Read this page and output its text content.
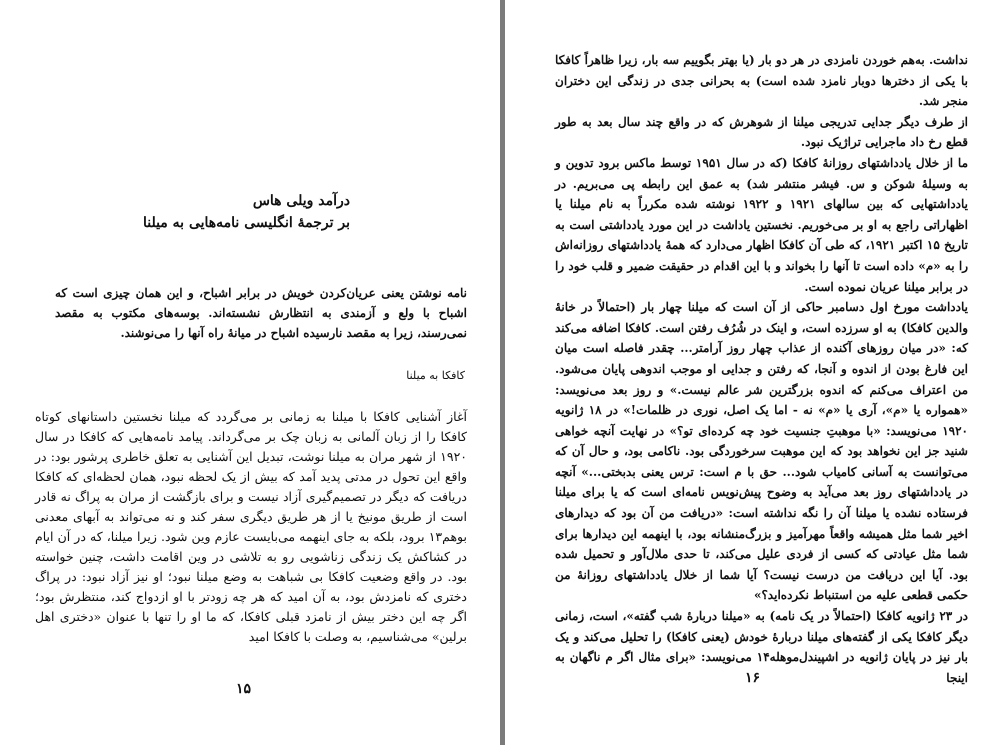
درآمد ویلی هاس
بر ترجمهٔ انگلیسی نامه‌هایی به میلنا
نامه نوشتن یعنی عریان‌کردن خویش در برابر اشباح، و این همان چیزی است که اشباح با ولع و آزمندی به انتظارش نشسته‌اند. بوسه‌های مکتوب به مقصد نمی‌رسند، زیرا به مقصد نارسیده اشباح در میانهٔ راه آنها را می‌نوشند.
کافکا به میلنا

آغاز آشنایی کافکا با میلنا به زمانی بر می‌گردد که میلنا نخستین داستانهای کوتاه کافکا را از زبان آلمانی به زبان چک بر می‌گرداند. پیامد نامه‌هایی که کافکا در سال ۱۹۲۰ از شهر مران به میلنا نوشت، تبدیل این آشنایی به تعلق خاطری پرشور بود: در واقع این تحول در مدتی پدید آمد که بیش از یک لحظه نبود، همان لحظه‌ای که کافکا دریافت که دیگر در تصمیم‌گیری آزاد نیست و برای بازگشت از مران به پراگ نه قادر است از طریق مونیخ یا از هر طریق دیگری سفر کند و نه می‌تواند به آبهای معدنی بوهم۱۳ برود، بلکه به جای اینهمه می‌بایست عازم وین شود. زیرا میلنا، که در آن ایام در کشاکش یک زندگی زناشویی رو به تلاشی در وین اقامت داشت، چنین خواسته بود. در واقع وضعیت کافکا بی شباهت به وضع میلنا نبود؛ او نیز آزاد نبود: در پراگ دختری که نامزدش بود، به آن امید که هر چه زودتر با او ازدواج کند، منتظرش بود؛ اگر چه این دختر بیش از نامزد قبلی کافکا، که ما او را تنها با عنوان «دختری اهل برلین» می‌شناسیم، به وصلت با کافکا امید

۱۵

نداشت. به‌هم خوردن نامزدی در هر دو بار (یا بهتر بگوییم سه بار، زیرا ظاهراً کافکا با یکی از دخترها دوبار نامزد شده است) به بحرانی جدی در زندگی این دختران منجر شد.

از طرف دیگر جدایی تدریجی میلنا از شوهرش که در واقع چند سال بعد به طور قطع رخ داد ماجرایی تراژیک نبود.

ما از خلال یادداشتهای روزانهٔ کافکا (که در سال ۱۹۵۱ توسط ماکس برود تدوین و به وسیلهٔ شوکن و س. فیشر منتشر شد) به عمق این رابطه پی می‌بریم. در یادداشتهایی که بین سالهای ۱۹۲۱ و ۱۹۲۲ نوشته شده مکرراً به نام میلنا یا اظهاراتی راجع به او بر می‌خوریم. نخستین یاداشت در این مورد یادداشتی است به تاریخ ۱۵ اکتبر ۱۹۲۱، که طی آن کافکا اظهار می‌دارد که همهٔ یادداشتهای روزانه‌اش را به «م» داده است تا آنها را بخواند و با این اقدام در حقیقت ضمیر و قلب خود را در برابر میلنا عریان نموده است.

یادداشت مورخ اول دسامبر حاکی از آن است که میلنا چهار بار (احتمالاً در خانهٔ والدین کافکا) به او سرزده است، و اینک در شُرُف رفتن است. کافکا اضافه می‌کند که: «در میان روزهای آکنده از عذاب چهار روز آرامتر... چقدر فاصله است میان این فارغ بودن از اندوه و آنجا، که رفتن و جدایی او موجب اندوهی پایان می‌شود. من اعتراف می‌کنم که اندوه بزرگترین شر عالم نیست.» و روز بعد می‌نویسد: «همواره یا «م»، آری یا «م» نه - اما یک اصل، نوری در ظلمات!» در ۱۸ ژانویه ۱۹۲۰ می‌نویسد: «با موهبتِ جنسیت خود چه کرده‌ای تو؟» در نهایت آنچه خواهی شنید جز این نخواهد بود که این موهبت سرخوردگی بود. ناکامی بود، و حال آن که می‌توانست به آسانی کامیاب شود... حق با م است: ترس یعنی بدبختی...» آنچه در یادداشتهای روز بعد می‌آید به وضوح پیش‌نویس نامه‌ای است که یا برای میلنا فرستاده نشده یا میلنا آن را نگه نداشته است: «دریافت من آن بود که دیدارهای اخیر شما مثل همیشه واقعاً مهرآمیز و بزرگ‌منشانه بود، با اینهمه این دیدارها برای شما مثل عیادتی که کسی از فردی علیل می‌کند، تا حدی ملال‌آور و تحمیل شده بود. آیا این دریافت من درست نیست؟ آیا شما از خلال یادداشتهای روزانهٔ من حکمی قطعی علیه من استنباط نکرده‌اید؟»

در ۲۳ ژانویه کافکا (احتمالاً در یک نامه) به «میلنا دربارهٔ شب گفته»، است، زمانی دیگر کافکا یکی از گفته‌های میلنا دربارهٔ خودش (یعنی کافکا) را تحلیل می‌کند و یک بار نیز در پایان ژانویه در اشپیندل‌موهله۱۴ می‌نویسد: «برای مثال اگر م ناگهان به اینجا

۱۶
